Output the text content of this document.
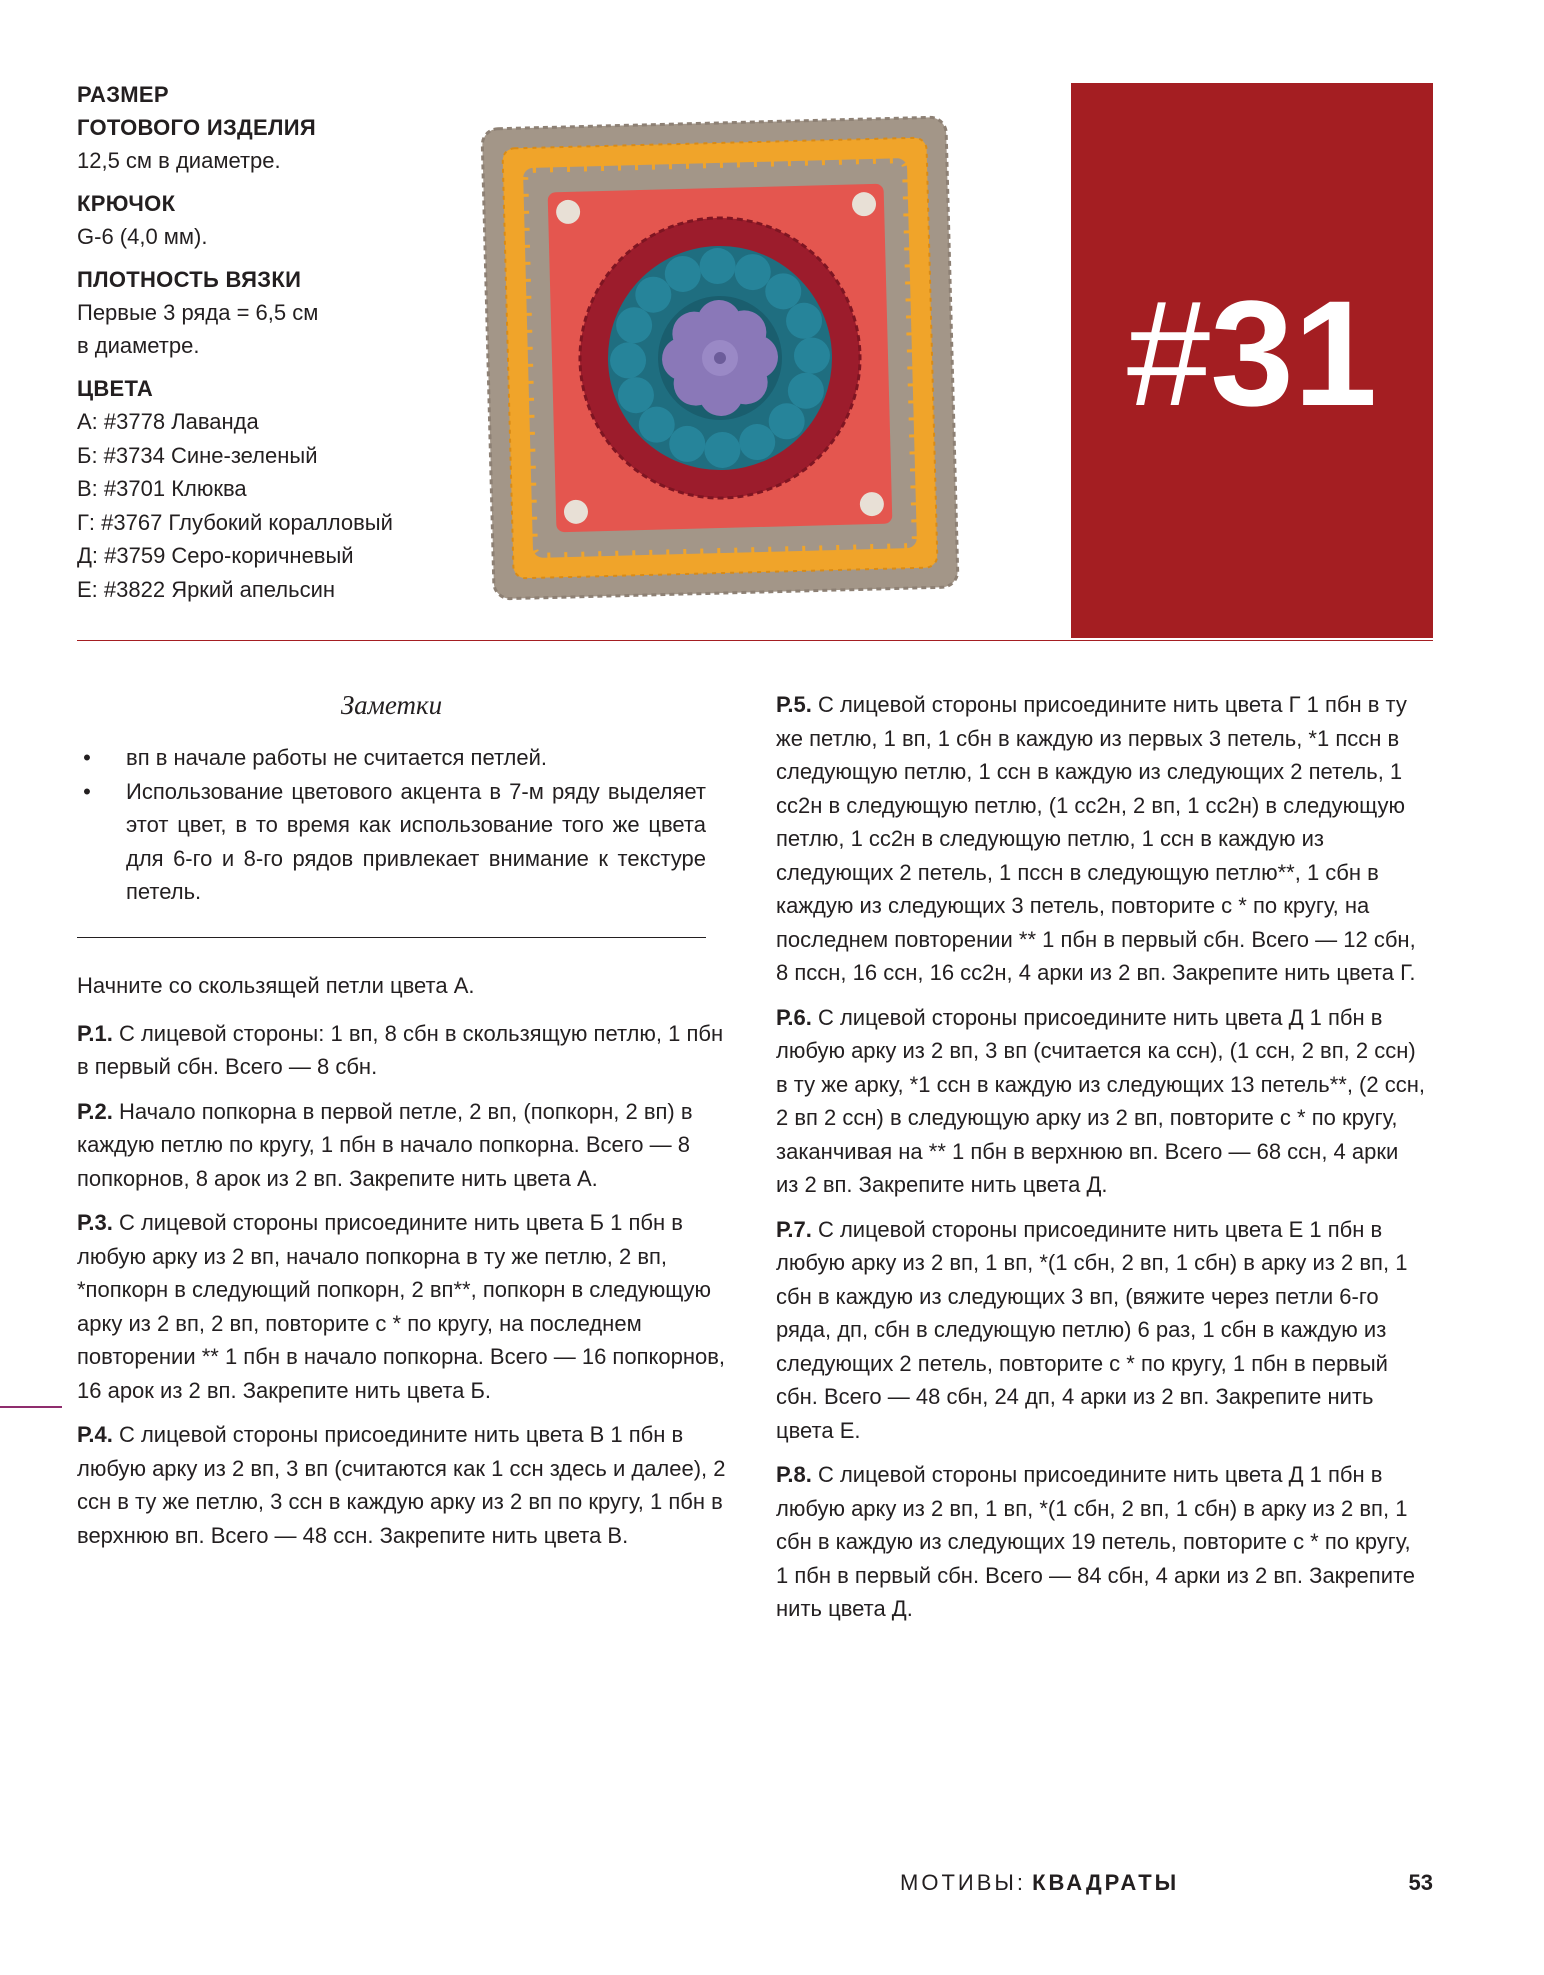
РАЗМЕР
ГОТОВОГО ИЗДЕЛИЯ
12,5 см в диаметре.
КРЮЧОК
G-6 (4,0 мм).
ПЛОТНОСТЬ ВЯЗКИ
Первые 3 ряда = 6,5 см
в диаметре.
ЦВЕТА
А: #3778 Лаванда
Б: #3734 Сине-зеленый
В: #3701 Клюква
Г: #3767 Глубокий коралловый
Д: #3759 Серо-коричневый
Е: #3822 Яркий апельсин
#31
Заметки
• вп в начале работы не считается петлей.
• Использование цветового акцента в 7-м ряду выделяет этот цвет, в то время как использование того же цвета для 6-го и 8-го рядов привлекает внимание к текстуре петель.

Начните со скользящей петли цвета А.

Р.1. С лицевой стороны: 1 вп, 8 сбн в скользящую петлю, 1 пбн в первый сбн. Всего — 8 сбн.

Р.2. Начало попкорна в первой петле, 2 вп, (попкорн, 2 вп) в каждую петлю по кругу, 1 пбн в начало попкорна. Всего — 8 попкорнов, 8 арок из 2 вп. Закрепите нить цвета А.

Р.3. С лицевой стороны присоедините нить цвета Б 1 пбн в любую арку из 2 вп, начало попкорна в ту же петлю, 2 вп, *попкорн в следующий попкорн, 2 вп**, попкорн в следующую арку из 2 вп, 2 вп, повторите с * по кругу, на последнем повторении ** 1 пбн в начало попкорна. Всего — 16 попкорнов, 16 арок из 2 вп. Закрепите нить цвета Б.

Р.4. С лицевой стороны присоедините нить цвета В 1 пбн в любую арку из 2 вп, 3 вп (считаются как 1 ссн здесь и далее), 2 ссн в ту же петлю, 3 ссн в каждую арку из 2 вп по кругу, 1 пбн в верхнюю вп. Всего — 48 ссн. Закрепите нить цвета В.

Р.5. С лицевой стороны присоедините нить цвета Г 1 пбн в ту же петлю, 1 вп, 1 сбн в каждую из первых 3 петель, *1 пссн в следующую петлю, 1 ссн в каждую из следующих 2 петель, 1 сс2н в следующую петлю, (1 сс2н, 2 вп, 1 сс2н) в следующую петлю, 1 сс2н в следующую петлю, 1 ссн в каждую из следующих 2 петель, 1 пссн в следующую петлю**, 1 сбн в каждую из следующих 3 петель, повторите с * по кругу, на последнем повторении ** 1 пбн в первый сбн. Всего — 12 сбн, 8 пссн, 16 ссн, 16 сс2н, 4 арки из 2 вп. Закрепите нить цвета Г.

Р.6. С лицевой стороны присоедините нить цвета Д 1 пбн в любую арку из 2 вп, 3 вп (считается ка ссн), (1 ссн, 2 вп, 2 ссн) в ту же арку, *1 ссн в каждую из следующих 13 петель**, (2 ссн, 2 вп 2 ссн) в следующую арку из 2 вп, повторите с * по кругу, заканчивая на ** 1 пбн в верхнюю вп. Всего — 68 ссн, 4 арки из 2 вп. Закрепите нить цвета Д.

Р.7. С лицевой стороны присоедините нить цвета Е 1 пбн в любую арку из 2 вп, 1 вп, *(1 сбн, 2 вп, 1 сбн) в арку из 2 вп, 1 сбн в каждую из следующих 3 вп, (вяжите через петли 6-го ряда, дп, сбн в следующую петлю) 6 раз, 1 сбн в каждую из следующих 2 петель, повторите с * по кругу, 1 пбн в первый сбн. Всего — 48 сбн, 24 дп, 4 арки из 2 вп. Закрепите нить цвета Е.

Р.8. С лицевой стороны присоедините нить цвета Д 1 пбн в любую арку из 2 вп, 1 вп, *(1 сбн, 2 вп, 1 сбн) в арку из 2 вп, 1 сбн в каждую из следующих 19 петель, повторите с * по кругу, 1 пбн в первый сбн. Всего — 84 сбн, 4 арки из 2 вп. Закрепите нить цвета Д.

МОТИВЫ: КВАДРАТЫ	53
